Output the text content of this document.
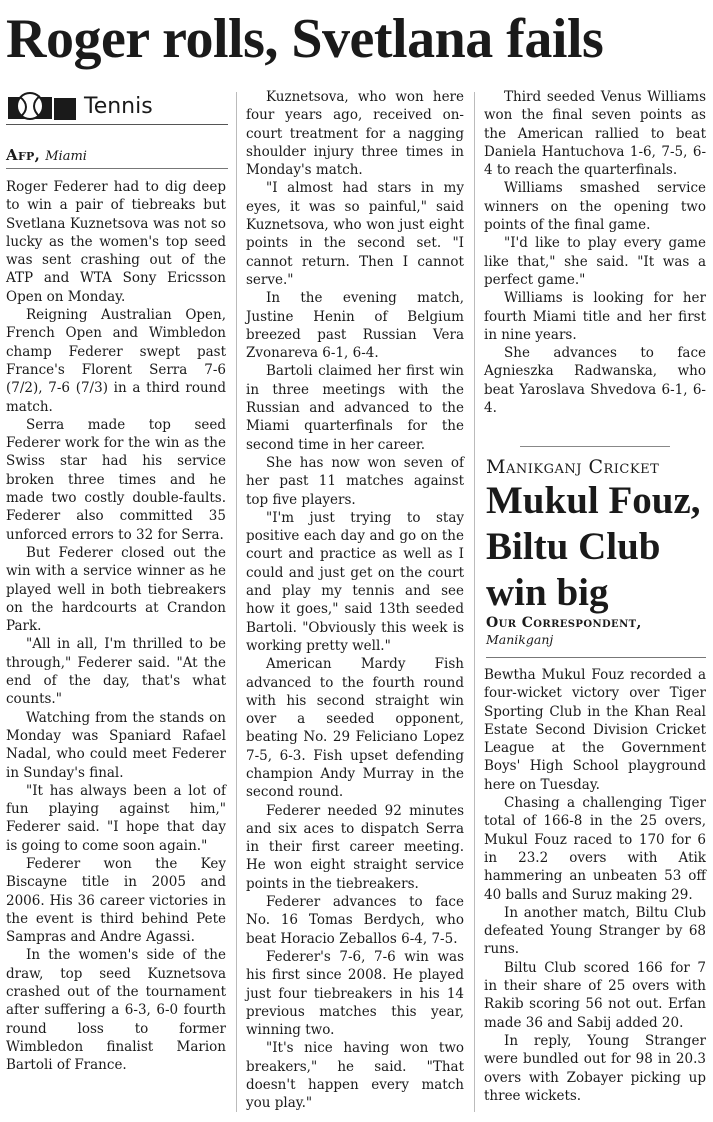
Roger rolls, Svetlana fails
Tennis
Afp, Miami

Roger Federer had to dig deep to win a pair of tiebreaks but Svetlana Kuznetsova was not so lucky as the women's top seed was sent crashing out of the ATP and WTA Sony Ericsson Open on Monday.

Reigning Australian Open, French Open and Wimbledon champ Federer swept past France's Florent Serra 7-6 (7/2), 7-6 (7/3) in a third round match.

Serra made top seed Federer work for the win as the Swiss star had his service broken three times and he made two costly double-faults. Federer also committed 35 unforced errors to 32 for Serra.

But Federer closed out the win with a service winner as he played well in both tiebreakers on the hardcourts at Crandon Park.

"All in all, I'm thrilled to be through," Federer said. "At the end of the day, that's what counts."

Watching from the stands on Monday was Spaniard Rafael Nadal, who could meet Federer in Sunday's final.

"It has always been a lot of fun playing against him," Federer said. "I hope that day is going to come soon again."

Federer won the Key Biscayne title in 2005 and 2006. His 36 career victories in the event is third behind Pete Sampras and Andre Agassi.

In the women's side of the draw, top seed Kuznetsova crashed out of the tournament after suffering a 6-3, 6-0 fourth round loss to former Wimbledon finalist Marion Bartoli of France.

Kuznetsova, who won here four years ago, received on-court treatment for a nagging shoulder injury three times in Monday's match.

"I almost had stars in my eyes, it was so painful," said Kuznetsova, who won just eight points in the second set. "I cannot return. Then I cannot serve."

In the evening match, Justine Henin of Belgium breezed past Russian Vera Zvonareva 6-1, 6-4.

Bartoli claimed her first win in three meetings with the Russian and advanced to the Miami quarterfinals for the second time in her career.

She has now won seven of her past 11 matches against top five players.

"I'm just trying to stay positive each day and go on the court and practice as well as I could and just get on the court and play my tennis and see how it goes," said 13th seeded Bartoli. "Obviously this week is working pretty well."

American Mardy Fish advanced to the fourth round with his second straight win over a seeded opponent, beating No. 29 Feliciano Lopez 7-5, 6-3. Fish upset defending champion Andy Murray in the second round.

Federer needed 92 minutes and six aces to dispatch Serra in their first career meeting. He won eight straight service points in the tiebreakers.

Federer advances to face No. 16 Tomas Berdych, who beat Horacio Zeballos 6-4, 7-5.

Federer's 7-6, 7-6 win was his first since 2008. He played just four tiebreakers in his 14 previous matches this year, winning two.

"It's nice having won two breakers," he said. "That doesn't happen every match you play."

Third seeded Venus Williams won the final seven points as the American rallied to beat Daniela Hantuchova 1-6, 7-5, 6-4 to reach the quarterfinals.

Williams smashed service winners on the opening two points of the final game.

"I'd like to play every game like that," she said. "It was a perfect game."

Williams is looking for her fourth Miami title and her first in nine years.

She advances to face Agnieszka Radwanska, who beat Yaroslava Shvedova 6-1, 6-4.

Manikganj Cricket
Mukul Fouz, Biltu Club win big
Our Correspondent,
Manikganj

Bewtha Mukul Fouz recorded a four-wicket victory over Tiger Sporting Club in the Khan Real Estate Second Division Cricket League at the Government Boys' High School playground here on Tuesday.

Chasing a challenging Tiger total of 166-8 in the 25 overs, Mukul Fouz raced to 170 for 6 in 23.2 overs with Atik hammering an unbeaten 53 off 40 balls and Suruz making 29.

In another match, Biltu Club defeated Young Stranger by 68 runs.

Biltu Club scored 166 for 7 in their share of 25 overs with Rakib scoring 56 not out. Erfan made 36 and Sabij added 20.

In reply, Young Stranger were bundled out for 98 in 20.3 overs with Zobayer picking up three wickets.
